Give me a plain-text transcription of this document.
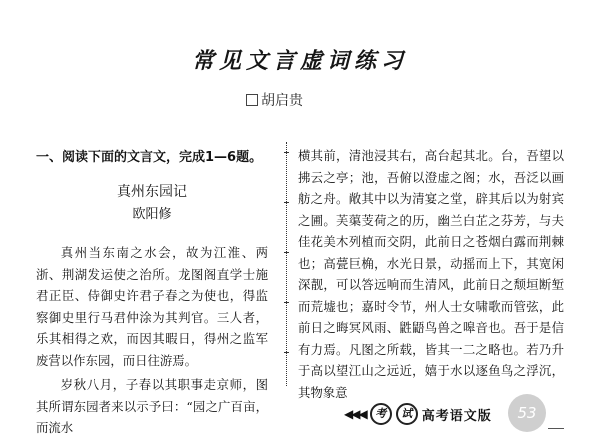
常见文言虚词练习
胡启贵

一、阅读下面的文言文，完成1—6题。

真州东园记

欧阳修

真州当东南之水会，故为江淮、两浙、荆湖发运使之治所。龙图阁直学士施君正臣、侍御史许君子春之为使也，得监察御史里行马君仲涂为其判官。三人者，乐其相得之欢，而因其暇日，得州之监军废营以作东园，而日往游焉。

岁秋八月，子春以其职事走京师，图其所谓东园者来以示予曰：“园之广百亩，而流水

横其前，清池浸其右，高台起其北。台，吾望以拂云之亭；池，吾俯以澄虚之阁；水，吾泛以画舫之舟。敞其中以为清宴之堂，辟其后以为射宾之圃。芙蕖芰荷之的历，幽兰白芷之芬芳，与夫佳花美木列植而交阴，此前日之苍烟白露而荆棘也；高甍巨桷，水光日景，动摇而上下，其宽闲深靓，可以答远响而生清风，此前日之颓垣断堑而荒墟也；嘉时令节，州人士女啸歌而管弦，此前日之晦冥风雨、鼪鼯鸟兽之嗥音也。吾于是信有力焉。凡图之所载，皆其一二之略也。若乃升于高以望江山之远近，嬉于水以逐鱼鸟之浮沉，其物象意

◀◀◀ 考	试 高考语文版	53
